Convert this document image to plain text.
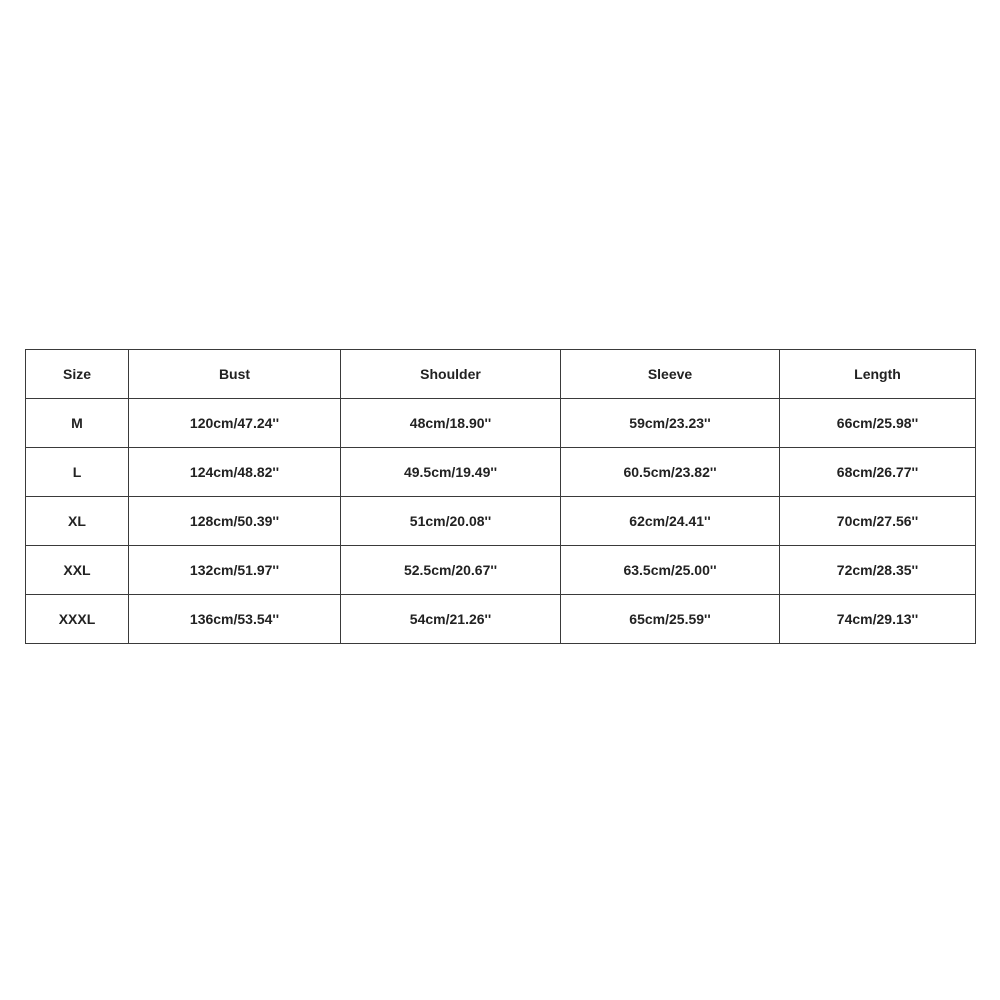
Size	Bust	Shoulder	Sleeve	Length
M	120cm/47.24''	48cm/18.90''	59cm/23.23''	66cm/25.98''
L	124cm/48.82''	49.5cm/19.49''	60.5cm/23.82''	68cm/26.77''
XL	128cm/50.39''	51cm/20.08''	62cm/24.41''	70cm/27.56''
XXL	132cm/51.97''	52.5cm/20.67''	63.5cm/25.00''	72cm/28.35''
XXXL	136cm/53.54''	54cm/21.26''	65cm/25.59''	74cm/29.13''
